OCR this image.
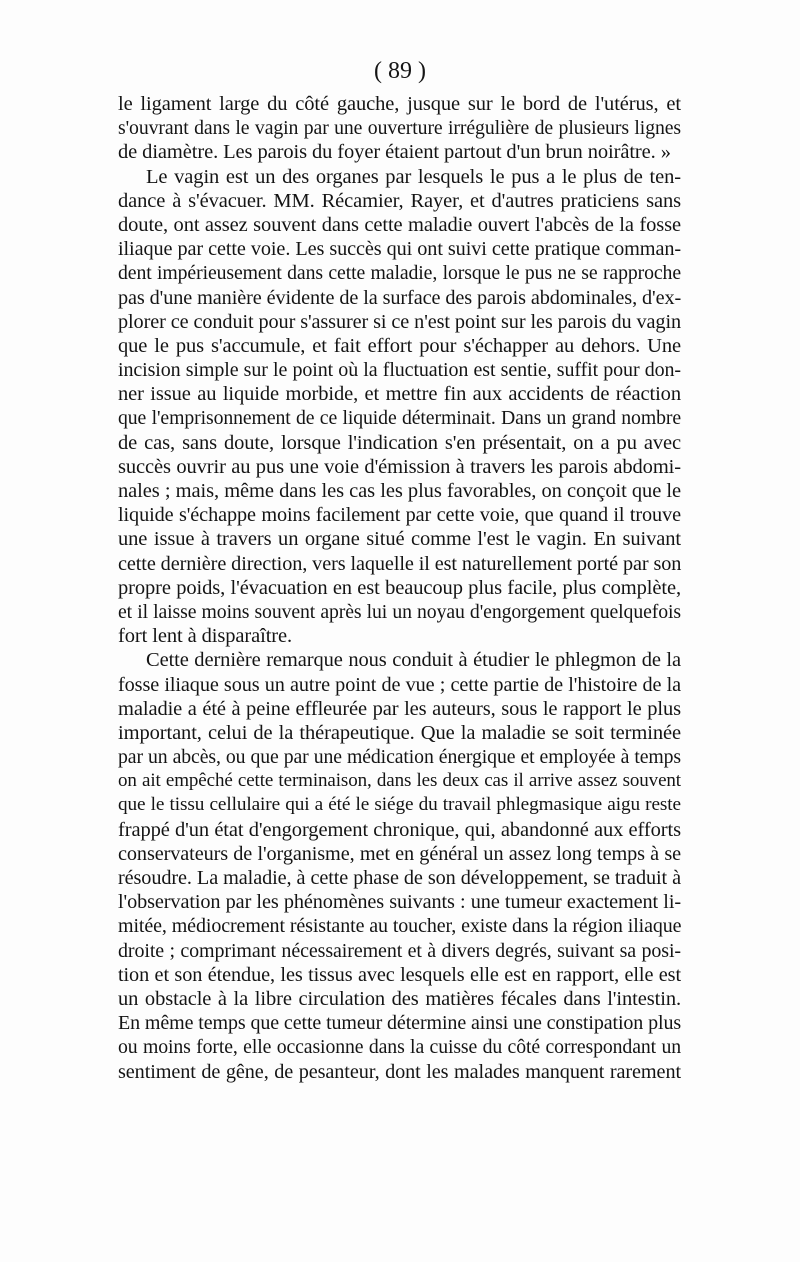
( 89 )
le ligament large du côté gauche, jusque sur le bord de l'utérus, et
s'ouvrant dans le vagin par une ouverture irrégulière de plusieurs lignes
de diamètre. Les parois du foyer étaient partout d'un brun noirâtre. »
Le vagin est un des organes par lesquels le pus a le plus de ten-
dance à s'évacuer. MM. Récamier, Rayer, et d'autres praticiens sans
doute, ont assez souvent dans cette maladie ouvert l'abcès de la fosse
iliaque par cette voie. Les succès qui ont suivi cette pratique comman-
dent impérieusement dans cette maladie, lorsque le pus ne se rapproche
pas d'une manière évidente de la surface des parois abdominales, d'ex-
plorer ce conduit pour s'assurer si ce n'est point sur les parois du vagin
que le pus s'accumule, et fait effort pour s'échapper au dehors. Une
incision simple sur le point où la fluctuation est sentie, suffit pour don-
ner issue au liquide morbide, et mettre fin aux accidents de réaction
que l'emprisonnement de ce liquide déterminait. Dans un grand nombre
de cas, sans doute, lorsque l'indication s'en présentait, on a pu avec
succès ouvrir au pus une voie d'émission à travers les parois abdomi-
nales ; mais, même dans les cas les plus favorables, on conçoit que le
liquide s'échappe moins facilement par cette voie, que quand il trouve
une issue à travers un organe situé comme l'est le vagin. En suivant
cette dernière direction, vers laquelle il est naturellement porté par son
propre poids, l'évacuation en est beaucoup plus facile, plus complète,
et il laisse moins souvent après lui un noyau d'engorgement quelquefois
fort lent à disparaître.
Cette dernière remarque nous conduit à étudier le phlegmon de la
fosse iliaque sous un autre point de vue ; cette partie de l'histoire de la
maladie a été à peine effleurée par les auteurs, sous le rapport le plus
important, celui de la thérapeutique. Que la maladie se soit terminée
par un abcès, ou que par une médication énergique et employée à temps
on ait empêché cette terminaison, dans les deux cas il arrive assez souvent
que le tissu cellulaire qui a été le siége du travail phlegmasique aigu reste
frappé d'un état d'engorgement chronique, qui, abandonné aux efforts
conservateurs de l'organisme, met en général un assez long temps à se
résoudre. La maladie, à cette phase de son développement, se traduit à
l'observation par les phénomènes suivants : une tumeur exactement li-
mitée, médiocrement résistante au toucher, existe dans la région iliaque
droite ; comprimant nécessairement et à divers degrés, suivant sa posi-
tion et son étendue, les tissus avec lesquels elle est en rapport, elle est
un obstacle à la libre circulation des matières fécales dans l'intestin.
En même temps que cette tumeur détermine ainsi une constipation plus
ou moins forte, elle occasionne dans la cuisse du côté correspondant un
sentiment de gêne, de pesanteur, dont les malades manquent rarement
